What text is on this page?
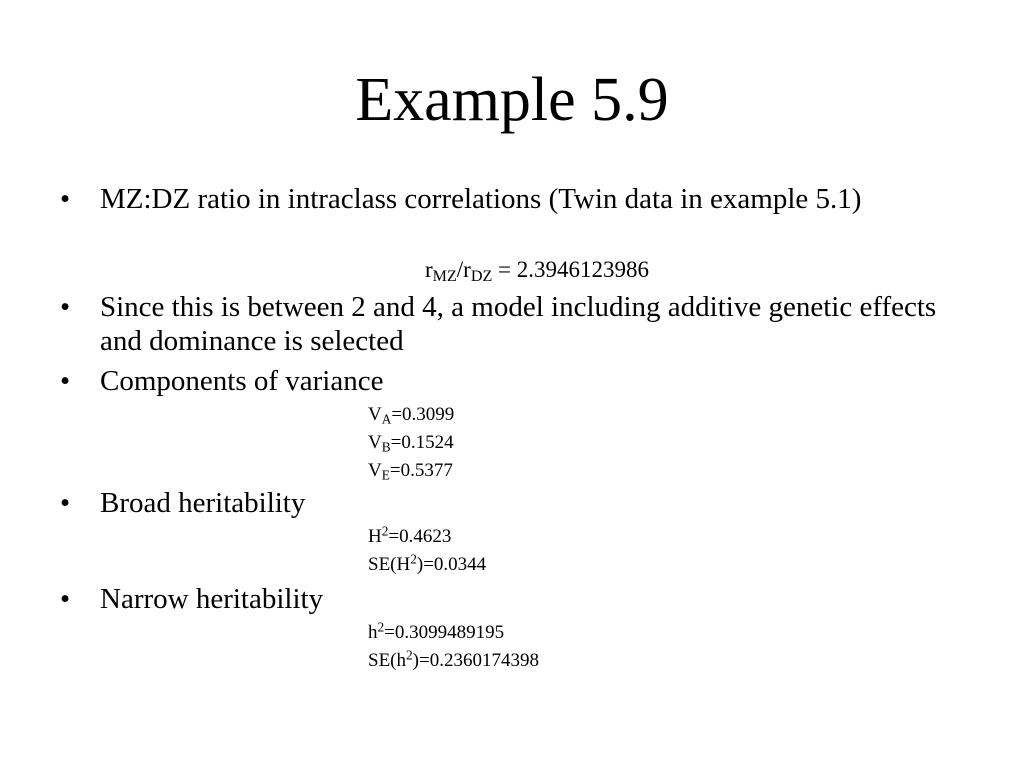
Example 5.9
•	MZ:DZ ratio in intraclass correlations (Twin data in example 5.1)
$r_{MZ}/r_{DZ} = 2.3946123986$
•	Since this is between 2 and 4, a model including additive genetic effects and dominance is selected
•	Components of variance
$V_A=0.3099$
$V_B=0.1524$
$V_E=0.5377$
•	Broad heritability
$H^2=0.4623$
$SE(H^2)=0.0344$
•	Narrow heritability
$h^2=0.3099489195$
$SE(h^2)=0.2360174398$
